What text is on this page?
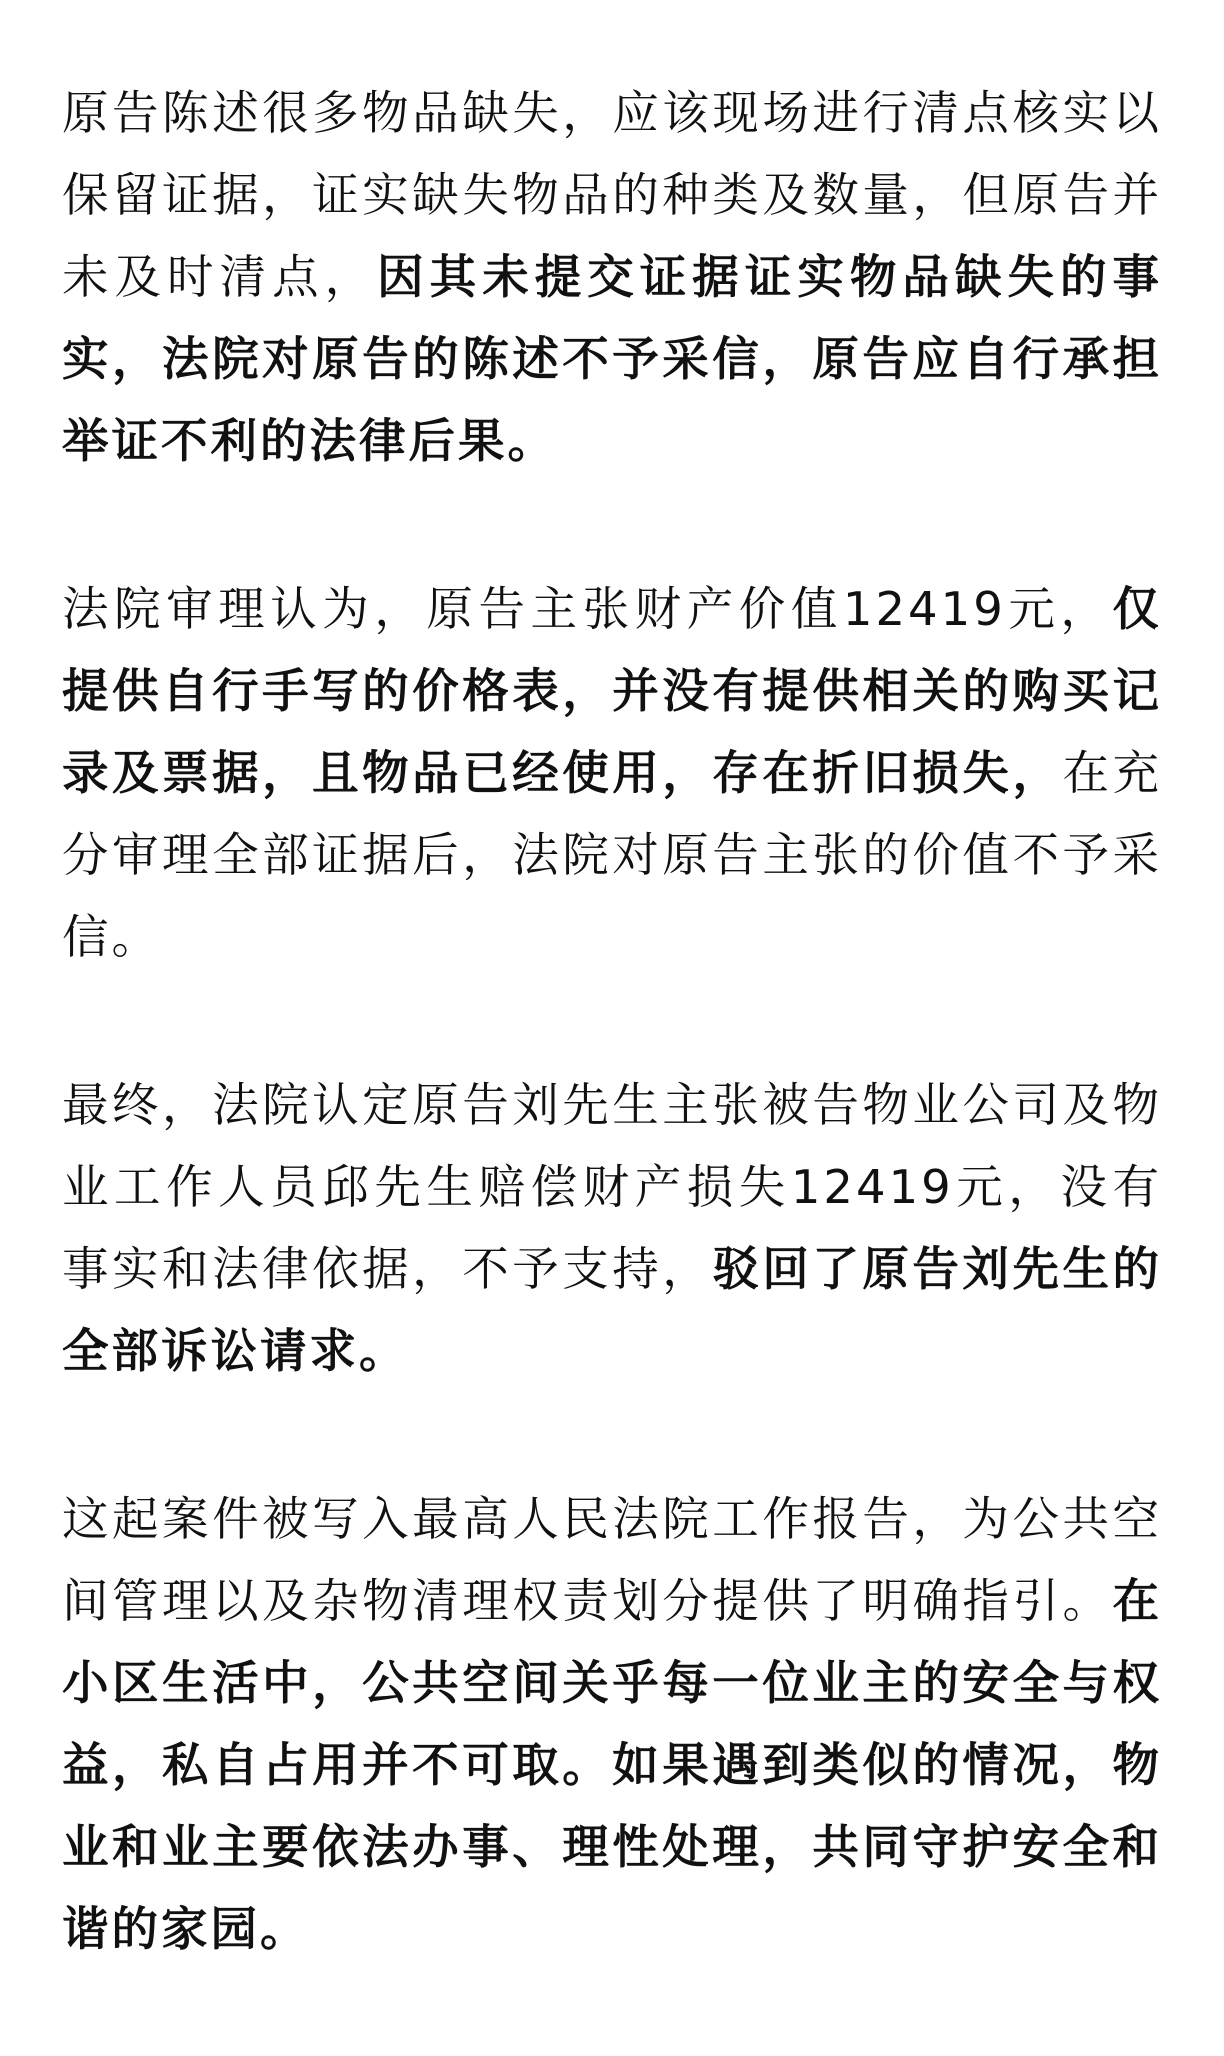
原告陈述很多物品缺失，应该现场进行清点核实以保留证据，证实缺失物品的种类及数量，但原告并未及时清点，因其未提交证据证实物品缺失的事实，法院对原告的陈述不予采信，原告应自行承担举证不利的法律后果。

法院审理认为，原告主张财产价值12419元，仅提供自行手写的价格表，并没有提供相关的购买记录及票据，且物品已经使用，存在折旧损失，在充分审理全部证据后，法院对原告主张的价值不予采信。

最终，法院认定原告刘先生主张被告物业公司及物业工作人员邱先生赔偿财产损失12419元，没有事实和法律依据，不予支持，驳回了原告刘先生的全部诉讼请求。

这起案件被写入最高人民法院工作报告，为公共空间管理以及杂物清理权责划分提供了明确指引。在小区生活中，公共空间关乎每一位业主的安全与权益，私自占用并不可取。如果遇到类似的情况，物业和业主要依法办事、理性处理，共同守护安全和谐的家园。
